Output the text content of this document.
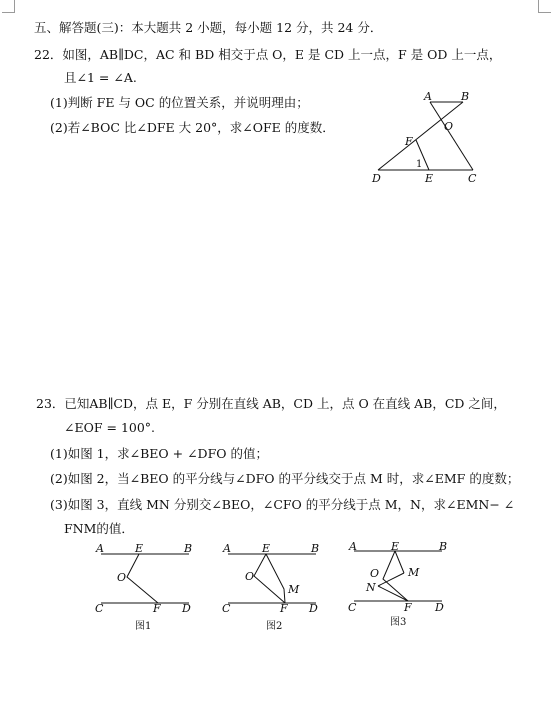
五、解答题(三)：本大题共 2 小题，每小题 12 分，共 24 分．
22．如图，AB∥DC，AC 和 BD 相交于点 O，E 是 CD 上一点，F 是 OD 上一点，
且∠1 = ∠A.
(1)判断 FE 与 OC 的位置关系，并说明理由；
(2)若∠BOC 比∠DFE 大 20°，求∠OFE 的度数．
A	B
O
F
1
D	E	C
23．已知AB∥CD，点 E，F 分别在直线 AB，CD 上，点 O 在直线 AB，CD 之间，
∠EOF = 100°.
(1)如图 1，求∠BEO + ∠DFO 的值；
(2)如图 2，当∠BEO 的平分线与∠DFO 的平分线交于点 M 时，求∠EMF 的度数；
(3)如图 3，直线 MN 分别交∠BEO，∠CFO 的平分线于点 M，N，求∠EMN− ∠
FNM的值．
A	E	B
O
C	F D
图1
A	E	B
O
M
C	F D
图2
A	E	B
O	M
N
C	F D
图3
